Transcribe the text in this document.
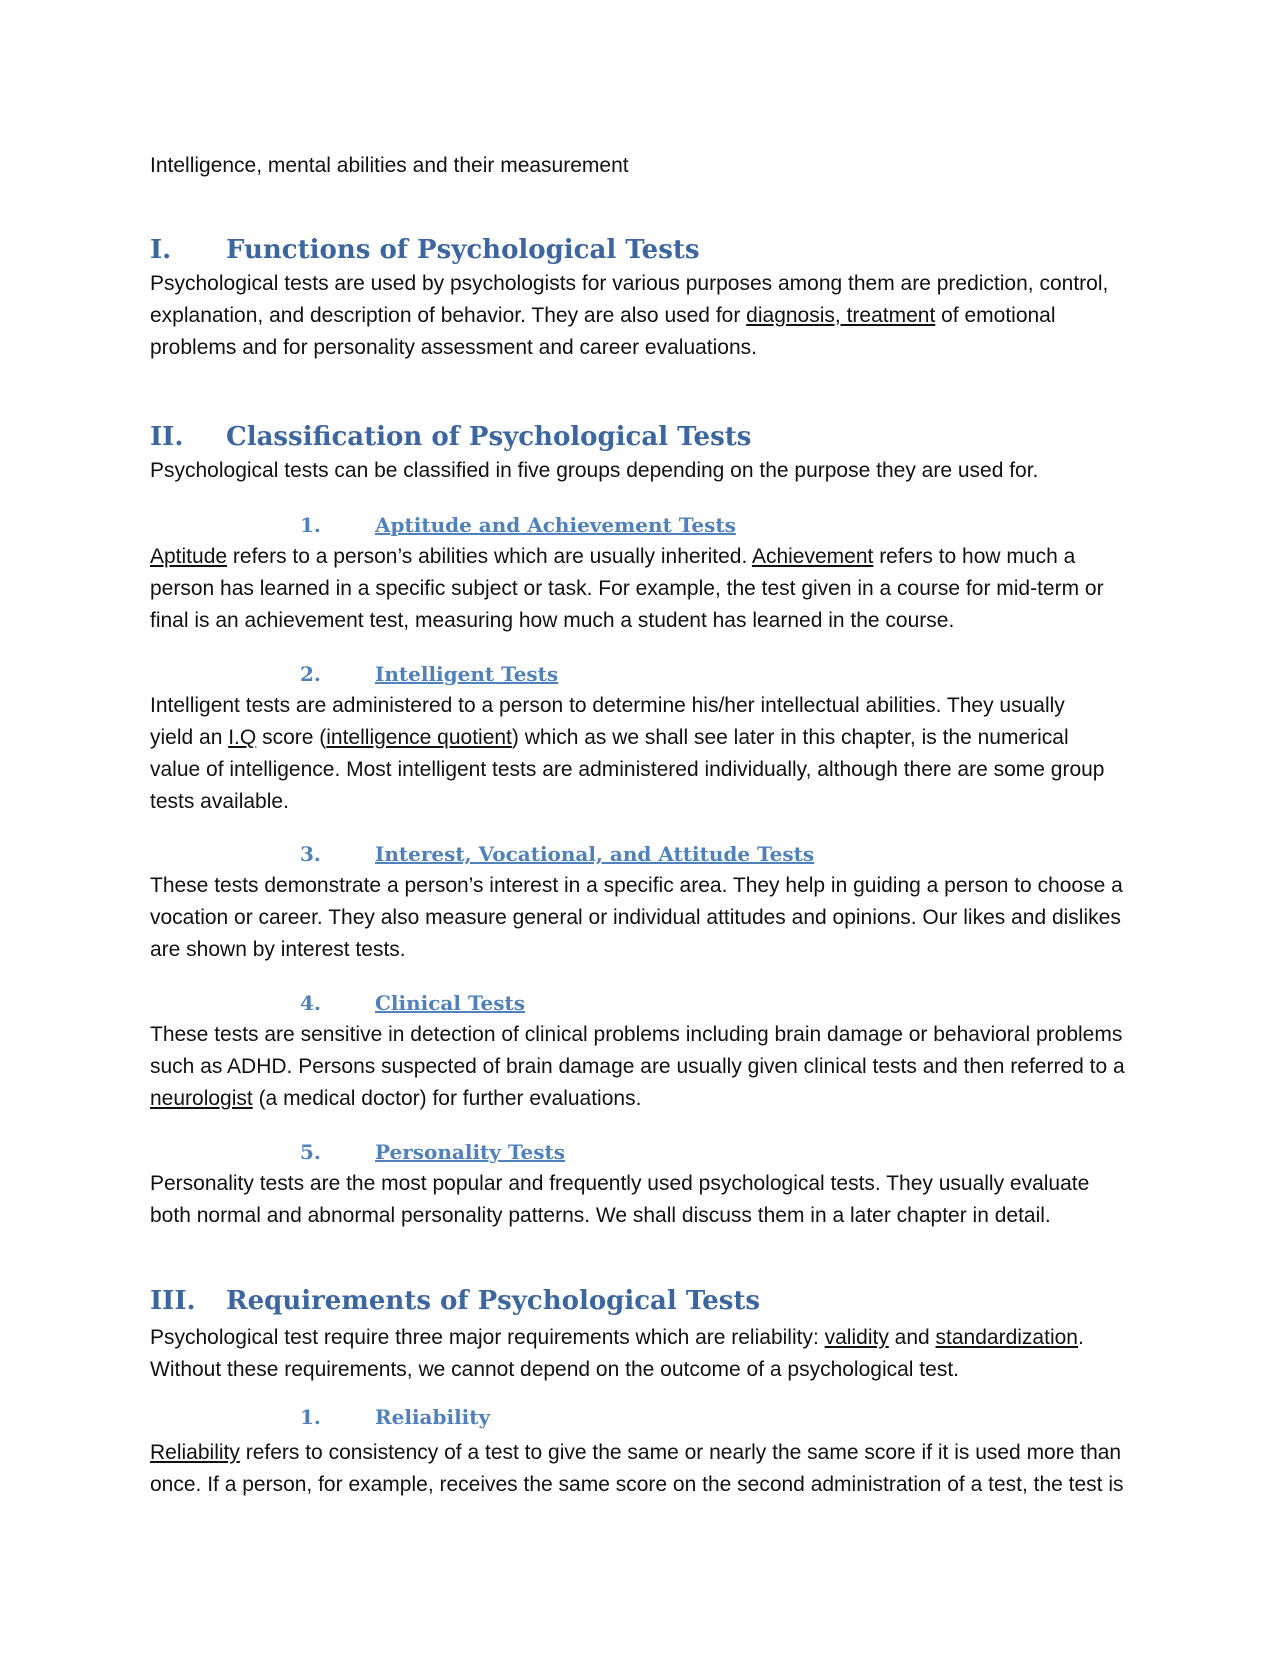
Intelligence, mental abilities and their measurement
I. Functions of Psychological Tests
Psychological tests are used by psychologists for various purposes among them are prediction, control,
explanation, and description of behavior. They are also used for diagnosis, treatment of emotional
problems and for personality assessment and career evaluations.
II. Classification of Psychological Tests
Psychological tests can be classified in five groups depending on the purpose they are used for.
1.	Aptitude and Achievement Tests
Aptitude refers to a person’s abilities which are usually inherited. Achievement refers to how much a
person has learned in a specific subject or task. For example, the test given in a course for mid-term or
final is an achievement test, measuring how much a student has learned in the course.
2.	Intelligent Tests
Intelligent tests are administered to a person to determine his/her intellectual abilities. They usually
yield an I.Q score (intelligence quotient) which as we shall see later in this chapter, is the numerical
value of intelligence. Most intelligent tests are administered individually, although there are some group
tests available.
3.	Interest, Vocational, and Attitude Tests
These tests demonstrate a person’s interest in a specific area. They help in guiding a person to choose a
vocation or career. They also measure general or individual attitudes and opinions. Our likes and dislikes
are shown by interest tests.
4.	Clinical Tests
These tests are sensitive in detection of clinical problems including brain damage or behavioral problems
such as ADHD. Persons suspected of brain damage are usually given clinical tests and then referred to a
neurologist (a medical doctor) for further evaluations.
5.	Personality Tests
Personality tests are the most popular and frequently used psychological tests. They usually evaluate
both normal and abnormal personality patterns. We shall discuss them in a later chapter in detail.
III. Requirements of Psychological Tests
Psychological test require three major requirements which are reliability: validity and standardization.
Without these requirements, we cannot depend on the outcome of a psychological test.
1.	Reliability
Reliability refers to consistency of a test to give the same or nearly the same score if it is used more than
once. If a person, for example, receives the same score on the second administration of a test, the test is
